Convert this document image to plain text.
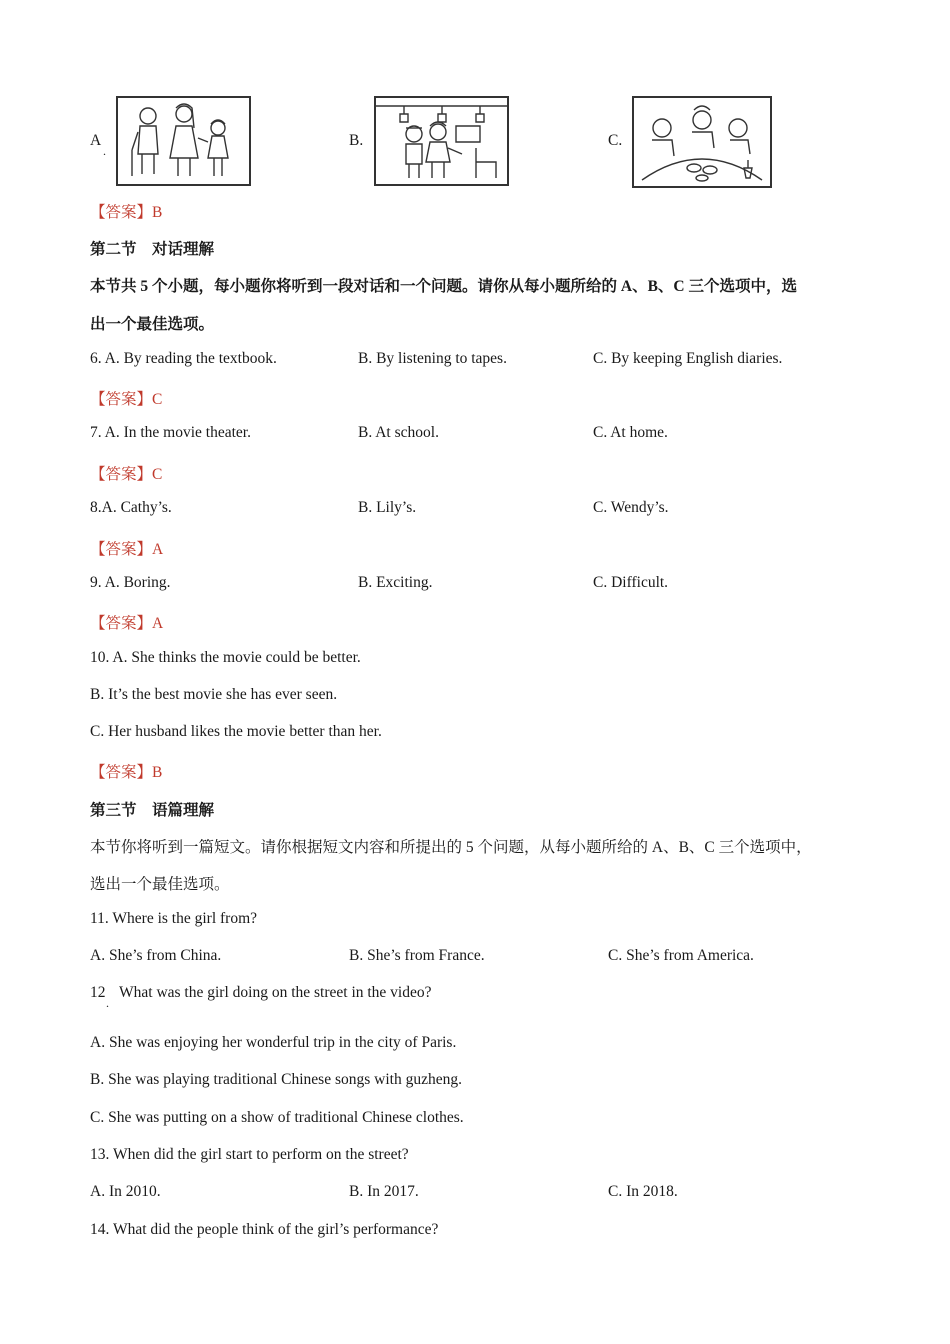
A
.
B.	C.
【答案】B
第二节　对话理解
本节共 5 个小题，每小题你将听到一段对话和一个问题。请你从每小题所给的 A、B、C 三个选项中，选
出一个最佳选项。
6. A. By reading the textbook.	B. By listening to tapes.	C. By keeping English diaries.
【答案】C
7. A. In the movie theater.	B. At school.	C. At home.
【答案】C
8.A. Cathy’s.	B. Lily’s.	C. Wendy’s.
【答案】A
9. A. Boring.	B. Exciting.	C. Difficult.
【答案】A
10. A. She thinks the movie could be better.
B. It’s the best movie she has ever seen.
C. Her husband likes the movie better than her.
【答案】B
第三节　语篇理解
本节你将听到一篇短文。请你根据短文内容和所提出的 5 个问题，从每小题所给的 A、B、C 三个选项中，
选出一个最佳选项。
11. Where is the girl from?
A. She’s from China.	B. She’s from France.	C. She’s from America.
12
.
What was the girl doing on the street in the video?
A. She was enjoying her wonderful trip in the city of Paris.
B. She was playing traditional Chinese songs with guzheng.
C. She was putting on a show of traditional Chinese clothes.
13. When did the girl start to perform on the street?
A. In 2010.	B. In 2017.	C. In 2018.
14. What did the people think of the girl’s performance?
